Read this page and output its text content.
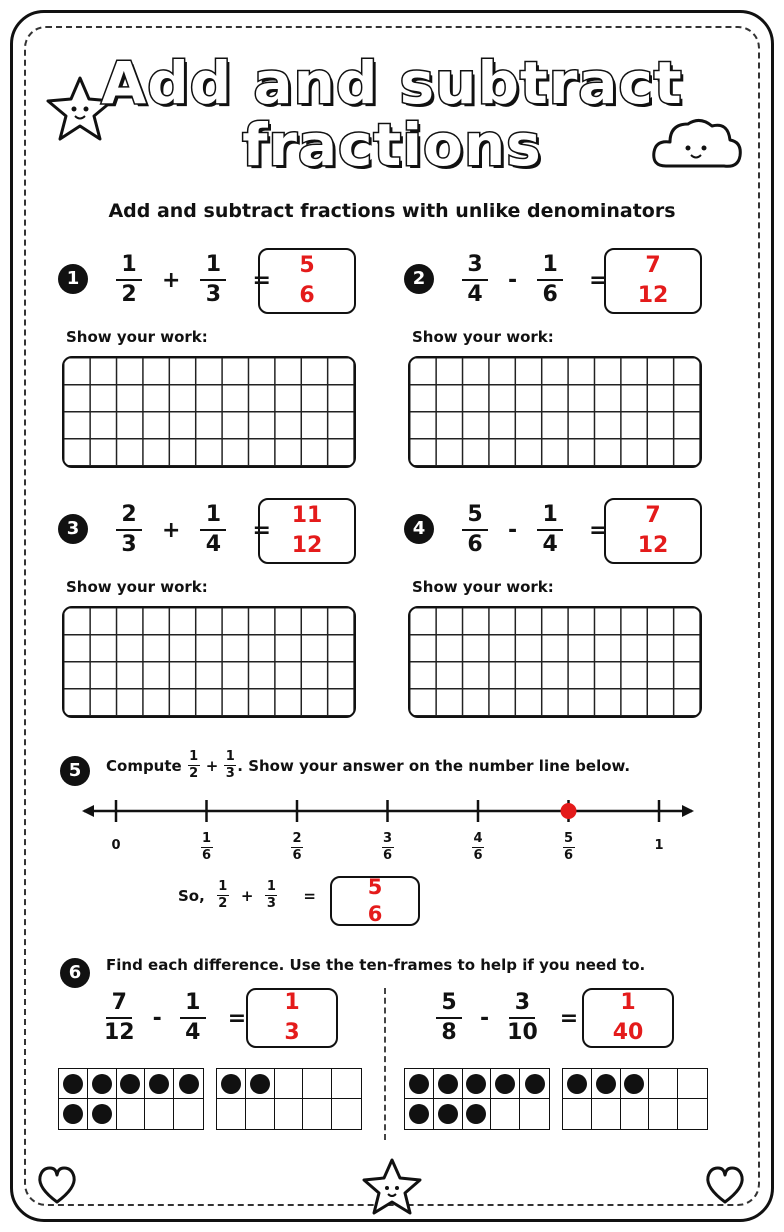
Add and subtract
fractions
Add and subtract fractions with unlike denominators
1	$\frac{1}{2} + \frac{1}{3}$ =
5
6
Show your work:
2	$\frac{3}{4} - \frac{1}{6}$ =
7
12
Show your work:
3	$\frac{2}{3} + \frac{1}{4}$ =
11
12
Show your work:
4	$\frac{5}{6} - \frac{1}{4}$ =
7
12
Show your work:
5	Compute $\frac{1}{2} + \frac{1}{3}$ . Show your answer on the number line below.
0	$\frac{1}{6}$	$\frac{2}{6}$	$\frac{3}{6}$	$\frac{4}{6}$	$\frac{5}{6}$	1
So, $\frac{1}{2} + \frac{1}{3} = 5$
6
6	Find each difference. Use the ten-frames to help if you need to.
$\frac{7}{12} - \frac{1}{4}$ =
1
3	$\frac{5}{8} - \frac{3}{10}$ =
1
40
